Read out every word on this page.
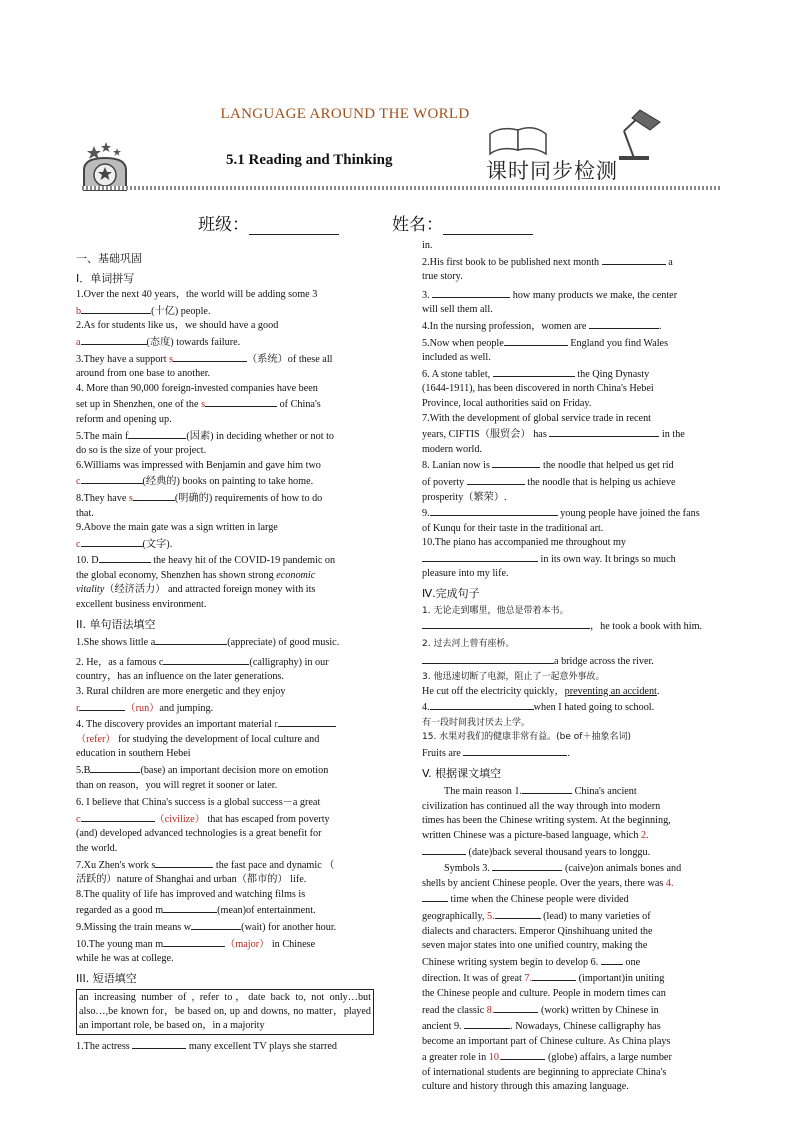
LANGUAGE AROUND THE WORLD
5.1 Reading and Thinking	课时同步检测
班级：	姓名：

一、基础巩固

I．单词拼写

1.Over the next 40 years，the world will be adding some 3

b	(十亿) people.

2.As for students like us，we should have a good

a	(态度) towards failure.

3.They have a support s	（系统）of these all

around from one base to another.

4. More than 90,000 foreign-invested companies have been

set up in Shenzhen, one of the s	of China's

reform and opening up.

5.The main f	(因素) in deciding whether or not to

do so is the size of your project.

6.Williams was impressed with Benjamin and gave him two

c	(经典的) books on painting to take home.

8.They have s	(明确的) requirements of how to do

that.

9.Above the main gate was a sign written in large

c	(文字).

10. D	the heavy hit of the COVID-19 pandemic on

the global economy, Shenzhen has shown strong economic

vitality（经济活力） and attracted foreign money with its

excellent business environment.

II. 单句语法填空

1.She shows little a	(appreciate) of good music.

2. He，as a famous c	(calligraphy) in our

country，has an influence on the later generations.

3. Rural children are more energetic and they enjoy

r	（run）and jumping.

4. The discovery provides an important material r

（refer） for studying the development of local culture and

education in southern Hebei

5.B	(base) an important decision more on emotion

than on reason，you will regret it sooner or later.

6. I believe that China's success is a global success－a great

c	（civilize） that has escaped from poverty

(and) developed advanced technologies is a great benefit for

the world.

7.Xu Zhen's work s	the fast pace and dynamic （

活跃的）nature of Shanghai and urban（都市的） life.

8.The quality of life has improved and watching films is

regarded as a good m	(mean)of entertainment.

9.Missing the train means w	(wait) for another hour.

10.The young man m	（major） in Chinese

while he was at college.

III. 短语填空

an increasing number of , refer to，date back to, not only…but also…,be known for，be based on, up and downs, no matter，played an important role, be based on，in a majority

1.The actress	many excellent TV plays she starred

in.

2.His first book to be published next month	a

true story.

3.	how many products we make, the center

will sell them all.

4.In the nursing profession，women are	.

5.Now when people	England you find Wales

included as well.

6. A stone tablet,	the Qing Dynasty

(1644-1911), has been discovered in north China's Hebei

Province, local authorities said on Friday.

7.With the development of global service trade in recent

years, CIFTIS（服贸会） has	in the

modern world.

8. Lanian now is	the noodle that helped us get rid

of poverty	the noodle that is helping us achieve

prosperity（繁荣）.

9.	young people have joined the fans

of Kunqu for their taste in the traditional art.

10.The piano has accompanied me throughout my

in its own way. It brings so much

pleasure into my life.

Ⅳ.完成句子

1. 无论走到哪里，他总是带着本书。

，he took a book with him.

2. 过去河上曾有座桥。

a bridge across the river.

3. 他迅速切断了电源，阻止了一起意外事故。

He cut off the electricity quickly，preventing an accident.

4.	when I hated going to school.

有一段时间我讨厌去上学。

15. 水果对我们的健康非常有益。(be of＋抽象名词)

Fruits are	.

V. 根据课文填空

The main reason 1.	China's ancient

civilization has continued all the way through into modern

times has been the Chinese writing system. At the beginning,

written Chinese was a picture-based language, which 2.

(date)back several thousand years to longgu.

Symbols 3.	(caive)on animals bones and

shells by ancient Chinese people. Over the years, there was 4.

time when the Chinese people were divided

geographically, 5.	(lead) to many varieties of

dialects and characters. Emperor Qinshihuang united the

seven major states into one unified country, making the

Chinese writing system begin to develop 6.  one

direction. It was of great 7.	(important)in uniting

the Chinese people and culture. People in modern times can

read the classic 8.	(work) written by Chinese in

ancient 9.	. Nowadays, Chinese calligraphy has

become an important part of Chinese culture. As China plays

a greater role in 10.	(globe) affairs, a large number

of international students are beginning to appreciate China's

culture and history through this amazing language.
